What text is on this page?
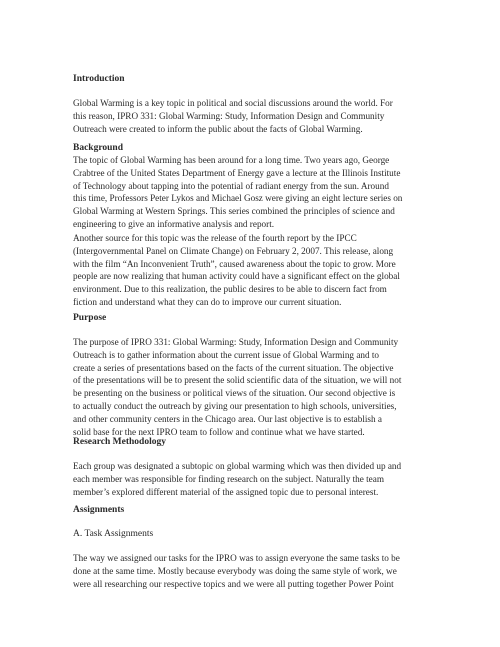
Introduction

Global Warming is a key topic in political and social discussions around the world. For
this reason, IPRO 331: Global Warming: Study, Information Design and Community
Outreach were created to inform the public about the facts of Global Warming.

Background

The topic of Global Warming has been around for a long time. Two years ago, George
Crabtree of the United States Department of Energy gave a lecture at the Illinois Institute
of Technology about tapping into the potential of radiant energy from the sun. Around
this time, Professors Peter Lykos and Michael Gosz were giving an eight lecture series on
Global Warming at Western Springs. This series combined the principles of science and
engineering to give an informative analysis and report.

Another source for this topic was the release of the fourth report by the IPCC
(Intergovernmental Panel on Climate Change) on February 2, 2007. This release, along
with the film “An Inconvenient Truth”, caused awareness about the topic to grow. More
people are now realizing that human activity could have a significant effect on the global
environment. Due to this realization, the public desires to be able to discern fact from
fiction and understand what they can do to improve our current situation.

Purpose

The purpose of IPRO 331: Global Warming: Study, Information Design and Community
Outreach is to gather information about the current issue of Global Warming and to
create a series of presentations based on the facts of the current situation. The objective
of the presentations will be to present the solid scientific data of the situation, we will not
be presenting on the business or political views of the situation. Our second objective is
to actually conduct the outreach by giving our presentation to high schools, universities,
and other community centers in the Chicago area. Our last objective is to establish a
solid base for the next IPRO team to follow and continue what we have started.

Research Methodology

Each group was designated a subtopic on global warming which was then divided up and
each member was responsible for finding research on the subject. Naturally the team
member’s explored different material of the assigned topic due to personal interest.

Assignments
A. Task Assignments

The way we assigned our tasks for the IPRO was to assign everyone the same tasks to be
done at the same time. Mostly because everybody was doing the same style of work, we
were all researching our respective topics and we were all putting together Power Point
